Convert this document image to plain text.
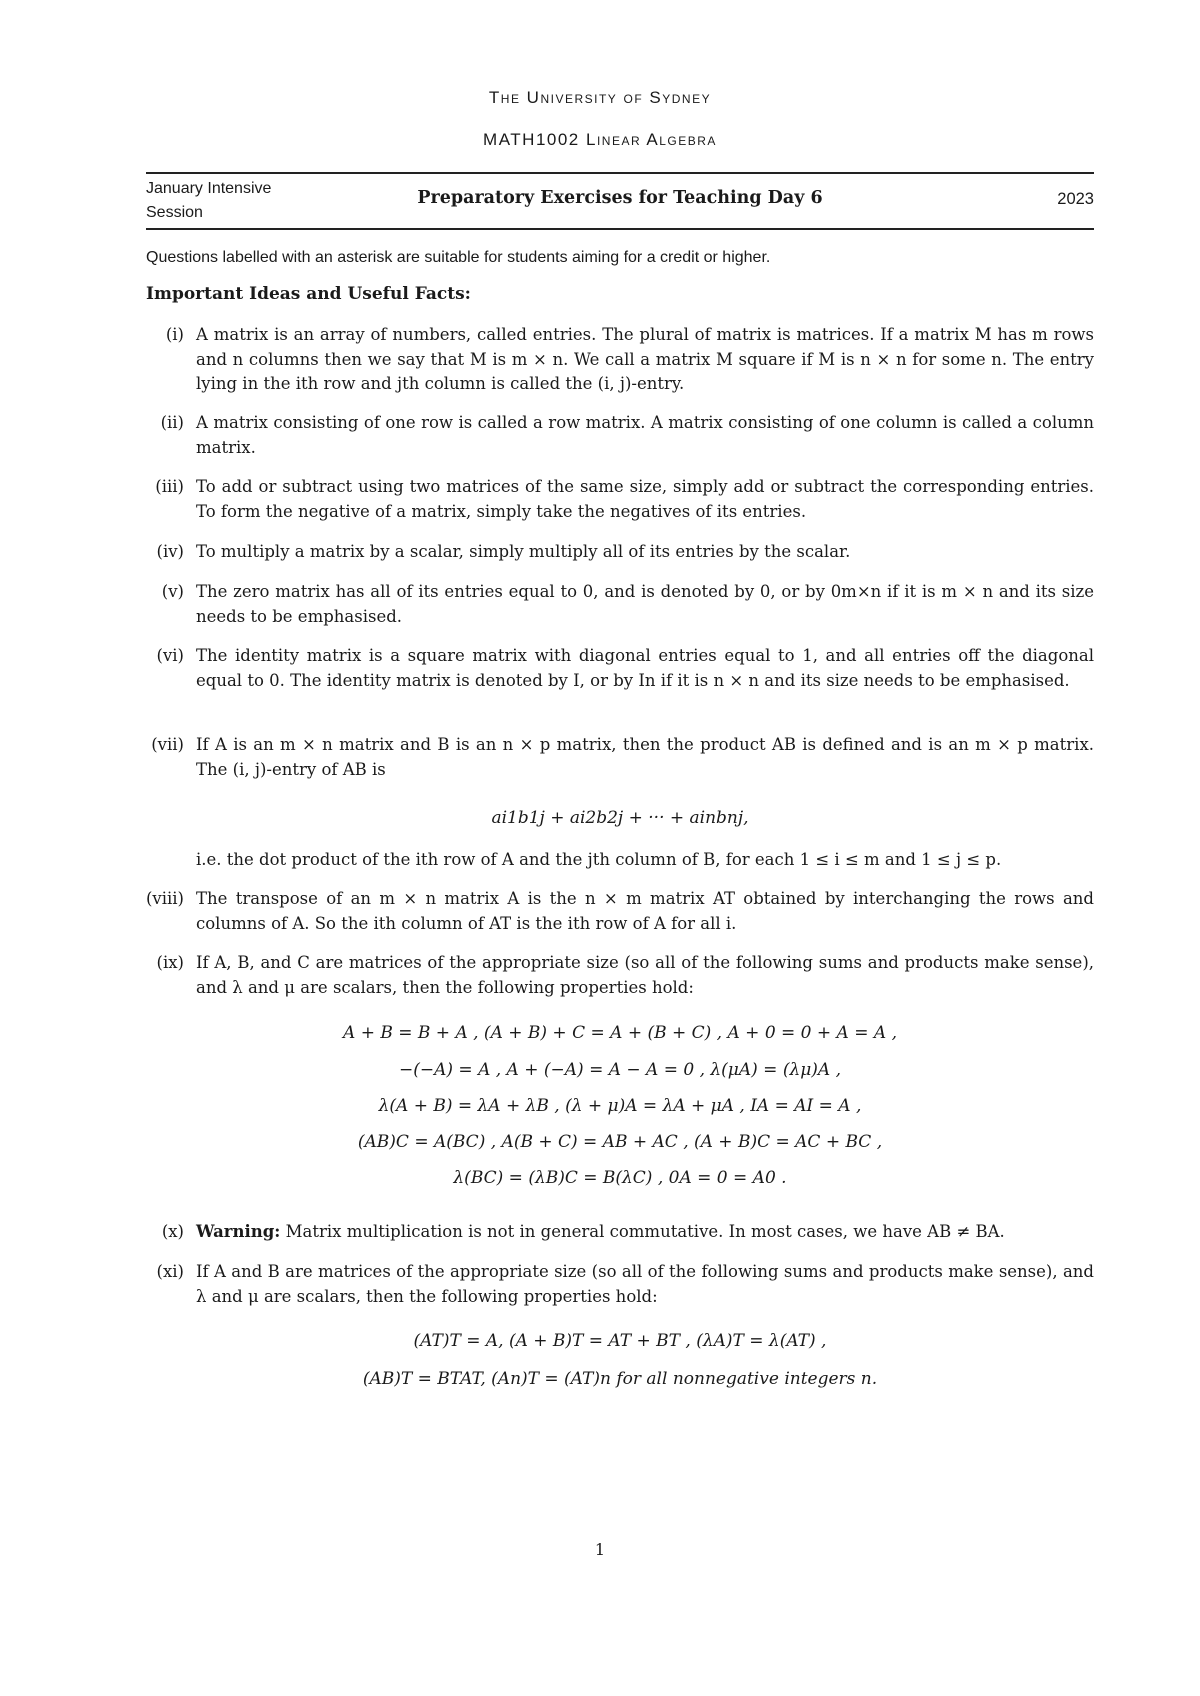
The University of Sydney
MATH1002 Linear Algebra
January Intensive Session
Preparatory Exercises for Teaching Day 6	2023
Questions labelled with an asterisk are suitable for students aiming for a credit or higher.
Important Ideas and Useful Facts:
(i) A matrix is an array of numbers, called entries. The plural of matrix is matrices. If a matrix M has m rows and n columns then we say that M is m × n. We call a matrix M square if M is n × n for some n. The entry lying in the ith row and jth column is called the (i, j)-entry.
(ii) A matrix consisting of one row is called a row matrix. A matrix consisting of one column is called a column matrix.
(iii) To add or subtract using two matrices of the same size, simply add or subtract the corresponding entries. To form the negative of a matrix, simply take the negatives of its entries.
(iv) To multiply a matrix by a scalar, simply multiply all of its entries by the scalar.
(v) The zero matrix has all of its entries equal to 0, and is denoted by 0, or by 0m×n if it is m × n and its size needs to be emphasised.
(vi) The identity matrix is a square matrix with diagonal entries equal to 1, and all entries off the diagonal equal to 0. The identity matrix is denoted by I, or by In if it is n × n and its size needs to be emphasised.
(vii) If A is an m × n matrix and B is an n × p matrix, then the product AB is defined and is an m × p matrix. The (i, j)-entry of AB is
ai1b1j + ai2b2j + ··· + ainbnj,
i.e. the dot product of the ith row of A and the jth column of B, for each 1 ≤ i ≤ m and 1 ≤ j ≤ p.
(viii) The transpose of an m × n matrix A is the n × m matrix AT obtained by interchanging the rows and columns of A. So the ith column of AT is the ith row of A for all i.
(ix) If A, B, and C are matrices of the appropriate size (so all of the following sums and products make sense), and λ and μ are scalars, then the following properties hold:
A + B = B + A , (A + B) + C = A + (B + C) , A + 0 = 0 + A = A ,
−(−A) = A , A + (−A) = A − A = 0 , λ(μA) = (λμ)A ,
λ(A + B) = λA + λB , (λ + μ)A = λA + μA , IA = AI = A ,
(AB)C = A(BC) , A(B + C) = AB + AC , (A + B)C = AC + BC ,
λ(BC) = (λB)C = B(λC) , 0A = 0 = A0 .
(x) Warning: Matrix multiplication is not in general commutative. In most cases, we have AB ≠ BA.
(xi) If A and B are matrices of the appropriate size (so all of the following sums and products make sense), and λ and μ are scalars, then the following properties hold:
(AT)T = A, (A + B)T = AT + BT , (λA)T = λ(AT) ,
(AB)T = BTAT, (An)T = (AT)n for all nonnegative integers n.
1
